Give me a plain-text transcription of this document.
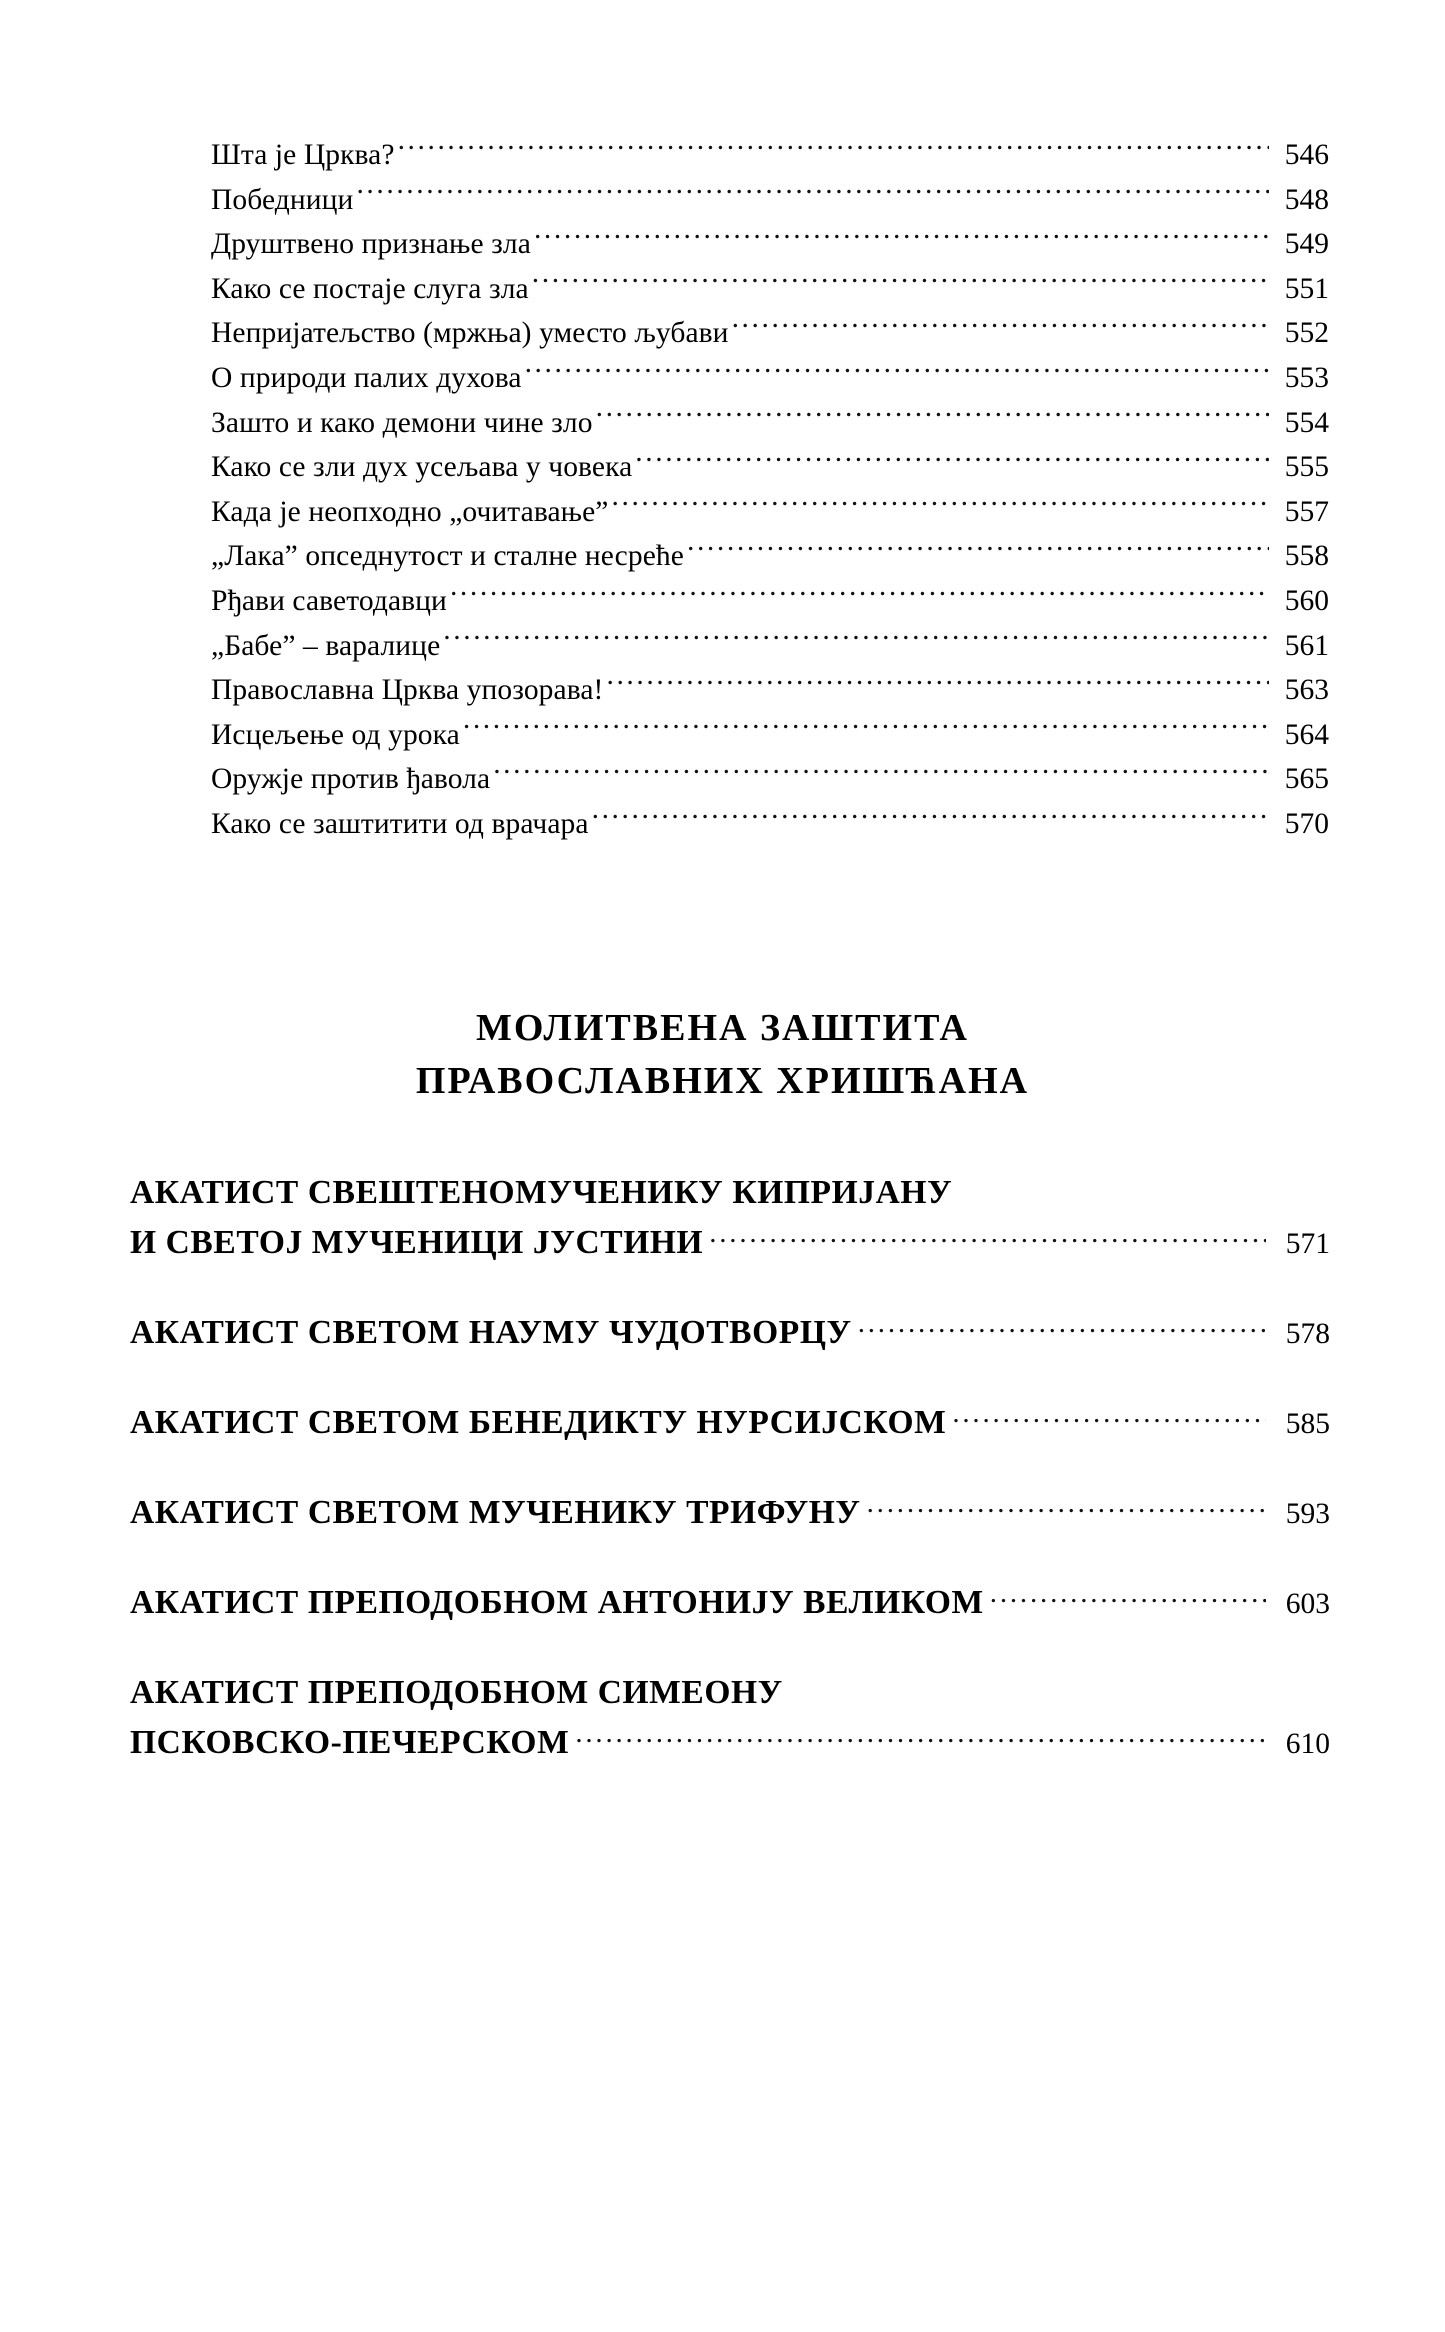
Шта је Црква? .....	546
Победници .....	548
Друштвено признање зла .....	549
Како се постаје слуга зла .....	551
Непријатељство (мржња) уместо љубави .....	552
О природи палих духова .....	553
Зашто и како демони чине зло .....	554
Како се зли дух усељава у човека .....	555
Када је неопходно „очитавање” .....	557
„Лака” опседнутост и сталне несреће .....	558
Рђави саветодавци .....	560
„Бабе” – варалице .....	561
Православна Црква упозорава! .....	563
Исцељење од урока .....	564
Оружје против ђавола .....	565
Како се заштитити од врачара .....	570
МОЛИТВЕНА ЗАШТИТА
ПРАВОСЛАВНИХ ХРИШЋАНА
АКАТИСТ СВЕШТЕНОМУЧЕНИКУ КИПРИЈАНУ
И СВЕТОЈ МУЧЕНИЦИ ЈУСТИНИ .....	571
АКАТИСТ СВЕТОМ НАУМУ ЧУДОТВОРЦУ .....	578
АКАТИСТ СВЕТОМ БЕНЕДИКТУ НУРСИЈСКОМ .....	585
АКАТИСТ СВЕТОМ МУЧЕНИКУ ТРИФУНУ .....	593
АКАТИСТ ПРЕПОДОБНОМ АНТОНИЈУ ВЕЛИКОМ .....	603
АКАТИСТ ПРЕПОДОБНОМ СИМЕОНУ
ПСКОВСКО-ПЕЧЕРСКОМ .....	610
